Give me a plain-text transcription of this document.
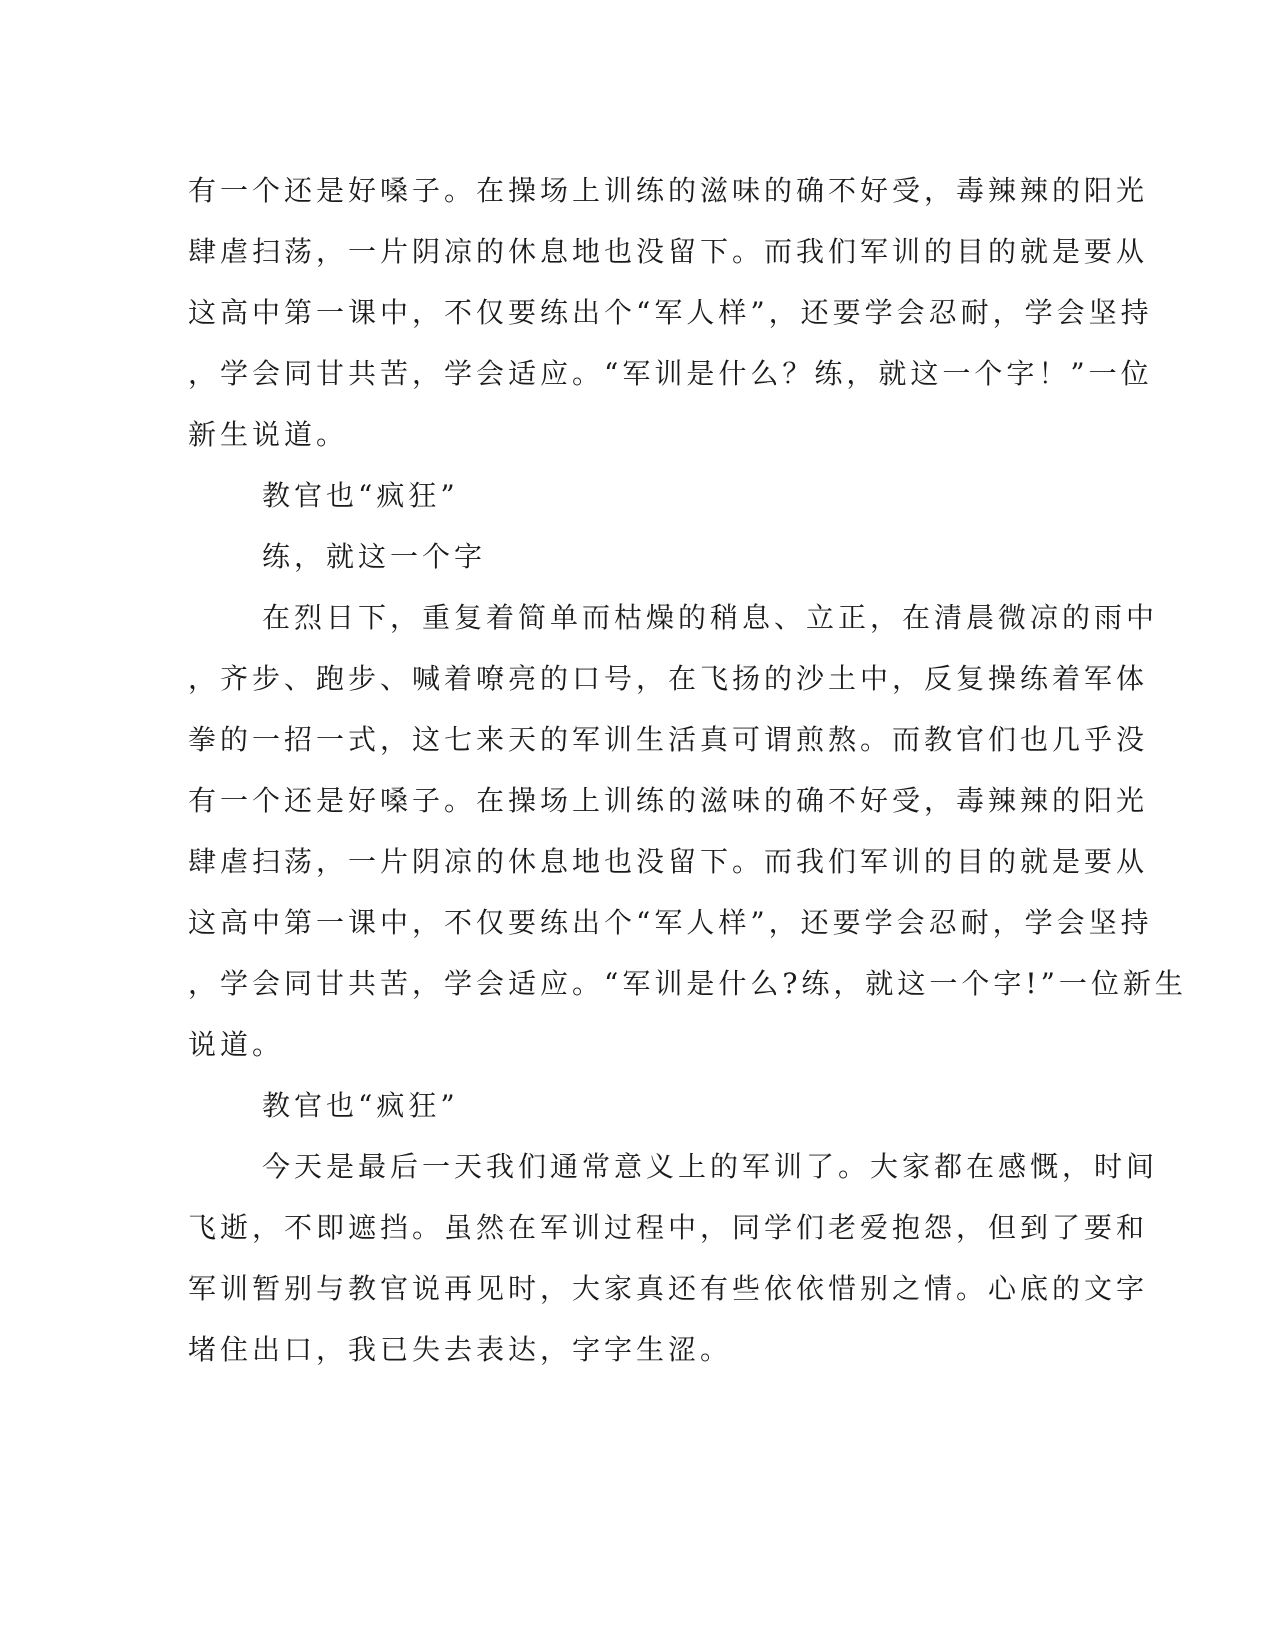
有一个还是好嗓子。在操场上训练的滋味的确不好受，毒辣辣的阳光
肆虐扫荡，一片阴凉的休息地也没留下。而我们军训的目的就是要从
这高中第一课中，不仅要练出个“军人样”，还要学会忍耐，学会坚持
，学会同甘共苦，学会适应。“军训是什么？练，就这一个字！”一位
新生说道。
教官也“疯狂”
练，就这一个字
在烈日下，重复着简单而枯燥的稍息、立正，在清晨微凉的雨中
，齐步、跑步、喊着嘹亮的口号，在飞扬的沙土中，反复操练着军体
拳的一招一式，这七来天的军训生活真可谓煎熬。而教官们也几乎没
有一个还是好嗓子。在操场上训练的滋味的确不好受，毒辣辣的阳光
肆虐扫荡，一片阴凉的休息地也没留下。而我们军训的目的就是要从
这高中第一课中，不仅要练出个“军人样”，还要学会忍耐，学会坚持
，学会同甘共苦，学会适应。“军训是什么?练，就这一个字!”一位新生
说道。
教官也“疯狂”
今天是最后一天我们通常意义上的军训了。大家都在感慨，时间
飞逝，不即遮挡。虽然在军训过程中，同学们老爱抱怨，但到了要和
军训暂别与教官说再见时，大家真还有些依依惜别之情。心底的文字
堵住出口，我已失去表达，字字生涩。
